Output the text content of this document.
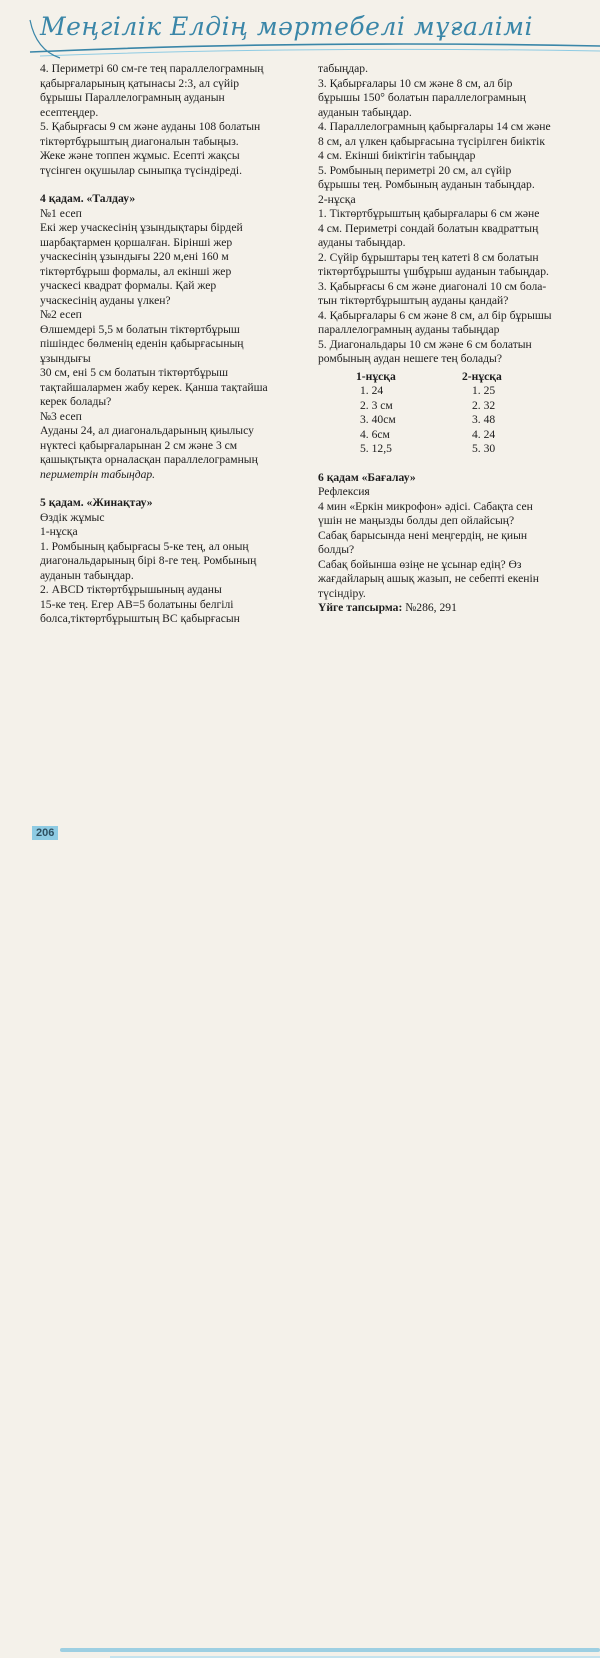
Меңгілік Елдің мәртебелі мұғалімі

4. Периметрі 60 см-ге тең параллелограмның

қабырғаларының қатынасы 2:3, ал сүйір

бұрышы Параллелограмның ауданын

есептеңдер.

5. Қабырғасы 9 см және ауданы 108 болатын

тіктөртбұрыштың диагоналын табыңыз.

Жеке және топпен жұмыс. Есепті жақсы

түсінген оқушылар сыныпқа түсіндіреді.

4 қадам. «Талдау»

№1 есеп

Екі жер учаскесінің ұзындықтары бірдей

шарбақтармен қоршалған. Бірінші жер

учаскесінің ұзындығы 220 м,ені 160 м

тіктөртбұрыш формалы, ал екінші жер

учаскесі квадрат формалы. Қай жер

учаскесінің ауданы үлкен?

№2 есеп

Өлшемдері 5,5 м болатын тіктөртбұрыш

пішіндес бөлменің еденін қабырғасының

ұзындығы

30 см, ені 5 см болатын тіктөртбұрыш

тақтайшалармен жабу керек. Қанша тақтайша

керек болады?

№3 есеп

Ауданы 24, ал диагональдарының қиылысу

нүктесі қабырғаларынан 2 см және 3 см

қашықтықта орналасқан параллелограмның

периметрін табыңдар.

5 қадам. «Жинақтау»

Өздік жұмыс

1-нұсқа

1. Ромбының қабырғасы 5-ке тең, ал оның

диагональдарының бірі 8-ге тең. Ромбының

ауданын табыңдар.

2. АВСD тіктөртбұрышының ауданы

15-ке тең. Егер АВ=5 болатыны белгілі

болса,тіктөртбұрыштың ВС қабырғасын

табыңдар.

3. Қабырғалары 10 см және 8 см, ал бір

бұрышы 150° болатын параллелограмның

ауданын табыңдар.

4. Параллелограмның қабырғалары 14 см және

8 см, ал үлкен қабырғасына түсірілген биіктік

4 см. Екінші биіктігін табыңдар

5. Ромбының периметрі 20 см, ал сүйір

бұрышы тең. Ромбының ауданын табыңдар.

2-нұсқа

1. Тіктөртбұрыштың қабырғалары 6 см және

4 см. Периметрі сондай болатын квадраттың

ауданы табыңдар.

2. Сүйір бұрыштары тең катеті 8 см болатын

тіктөртбұрышты үшбұрыш ауданын табыңдар.

3. Қабырғасы 6 см және диагоналі 10 см бола-

тын тіктөртбұрыштың ауданы қандай?

4. Қабырғалары 6 см және 8 см, ал бір бұрышы

параллелограмның ауданы табыңдар

5. Диагональдары 10 см және 6 см болатын

ромбының аудан нешеге тең болады?

1-нұсқа
1. 24
2. 3 см
3. 40см
4. 6см
5. 12,5
2-нұсқа
1. 25
2. 32
3. 48
4. 24
5. 30

6 қадам «Бағалау»

Рефлексия

4 мин «Еркін микрофон» әдісі. Сабақта сен

үшін не маңызды болды деп ойлайсың?

Сабақ барысында нені меңгердің, не қиын

болды?

Сабақ бойынша өзіңе не ұсынар едің? Өз

жағдайларың ашық жазып, не себепті екенін

түсіндіру.

Үйге тапсырма: №286, 291

206
